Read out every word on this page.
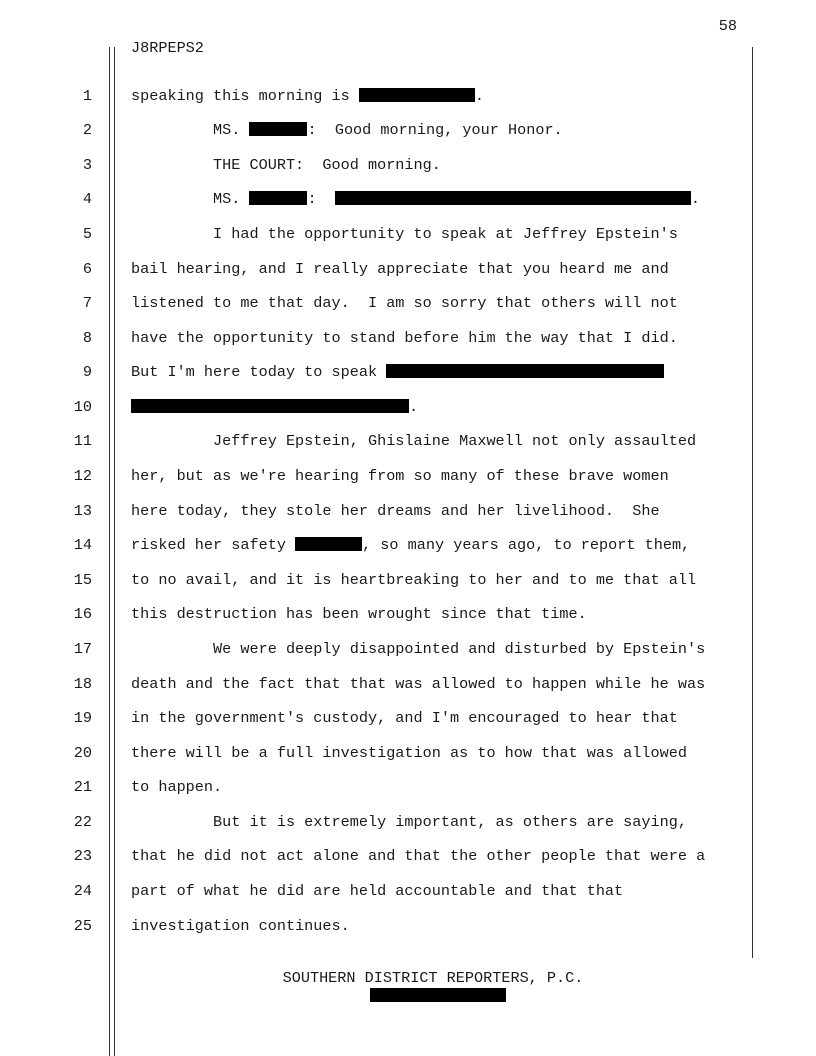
58
J8RPEPS2
1	speaking this morning is	.
2	MS.	:  Good morning, your Honor.
3	THE COURT:  Good morning.
4	MS.	:	.
5	I had the opportunity to speak at Jeffrey Epstein's
6	bail hearing, and I really appreciate that you heard me and
7	listened to me that day.  I am so sorry that others will not
8	have the opportunity to stand before him the way that I did.
9	But I'm here today to speak
10	.
11	Jeffrey Epstein, Ghislaine Maxwell not only assaulted
12	her, but as we're hearing from so many of these brave women
13	here today, they stole her dreams and her livelihood.  She
14	risked her safety	, so many years ago, to report them,
15	to no avail, and it is heartbreaking to her and to me that all
16	this destruction has been wrought since that time.
17	We were deeply disappointed and disturbed by Epstein's
18	death and the fact that that was allowed to happen while he was
19	in the government's custody, and I'm encouraged to hear that
20	there will be a full investigation as to how that was allowed
21	to happen.
22	But it is extremely important, as others are saying,
23	that he did not act alone and that the other people that were a
24	part of what he did are held accountable and that that
25	investigation continues.
SOUTHERN DISTRICT REPORTERS, P.C.
